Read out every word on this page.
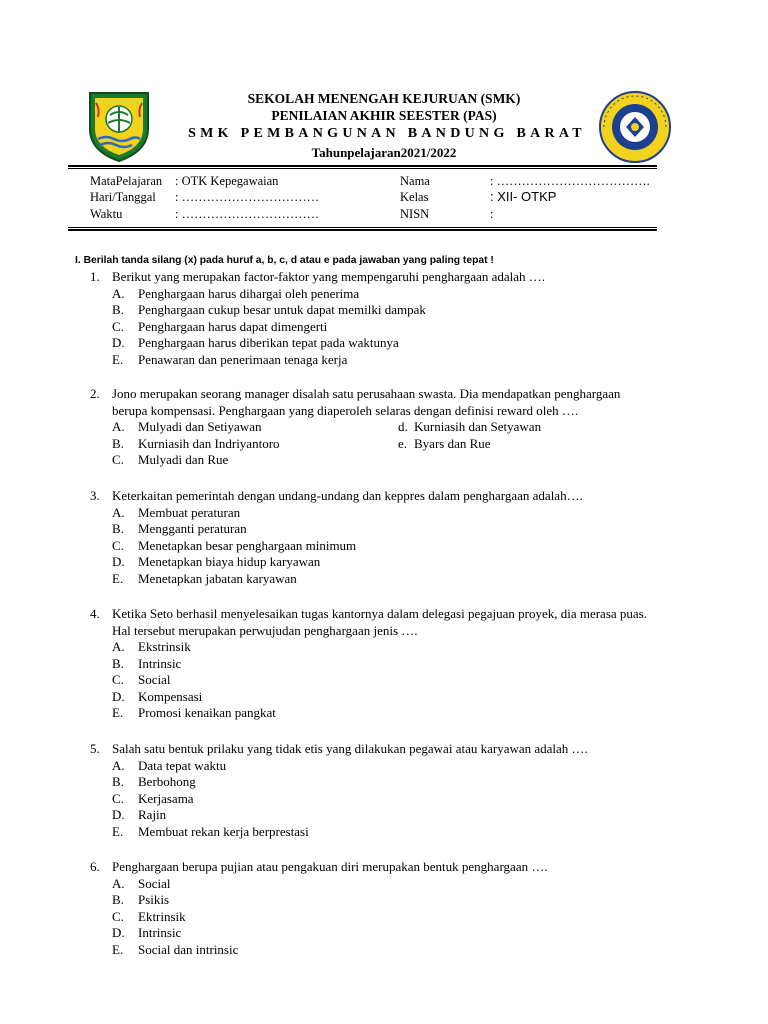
SEKOLAH MENENGAH KEJURUAN (SMK)
PENILAIAN AKHIR SEESTER (PAS)
SMK PEMBANGUNAN BANDUNG BARAT
Tahunpelajaran2021/2022
MataPelajaran : OTK Kepegawaian
Hari/Tanggal : ……………………………
Waktu	: ……………………………
Nama	: ……………………………….
Kelas	: XII- OTKP
NISN	:
I. Berilah tanda silang (x) pada huruf a, b, c, d atau e pada jawaban yang paling tepat !
1. Berikut yang merupakan factor-faktor yang mempengaruhi penghargaan adalah ….
A.	Penghargaan harus dihargai oleh penerima
B.	Penghargaan cukup besar untuk dapat memilki dampak
C.	Penghargaan harus dapat dimengerti
D.	Penghargaan harus diberikan tepat pada waktunya
E.	Penawaran dan penerimaan tenaga kerja
2. Jono merupakan seorang manager disalah satu perusahaan swasta. Dia mendapatkan penghargaan
berupa kompensasi. Penghargaan yang diaperoleh selaras dengan definisi reward oleh ….
A.	Mulyadi dan Setiyawan	d. Kurniasih dan Setyawan
B.	Kurniasih dan Indriyantoro	e. Byars dan Rue
C.	Mulyadi dan Rue
3. Keterkaitan pemerintah dengan undang-undang dan keppres dalam penghargaan adalah….
A.	Membuat peraturan
B.	Mengganti peraturan
C.	Menetapkan besar penghargaan minimum
D.	Menetapkan biaya hidup karyawan
E.	Menetapkan jabatan karyawan
4. Ketika Seto berhasil menyelesaikan tugas kantornya dalam delegasi pegajuan proyek, dia merasa puas.
Hal tersebut merupakan perwujudan penghargaan jenis ….
A.	Ekstrinsik
B.	Intrinsic
C.	Social
D.	Kompensasi
E.	Promosi kenaikan pangkat
5. Salah satu bentuk prilaku yang tidak etis yang dilakukan pegawai atau karyawan adalah ….
A.	Data tepat waktu
B.	Berbohong
C.	Kerjasama
D.	Rajin
E.	Membuat rekan kerja berprestasi
6. Penghargaan berupa pujian atau pengakuan diri merupakan bentuk penghargaan ….
A.	Social
B.	Psikis
C.	Ektrinsik
D.	Intrinsic
E.	Social dan intrinsic
